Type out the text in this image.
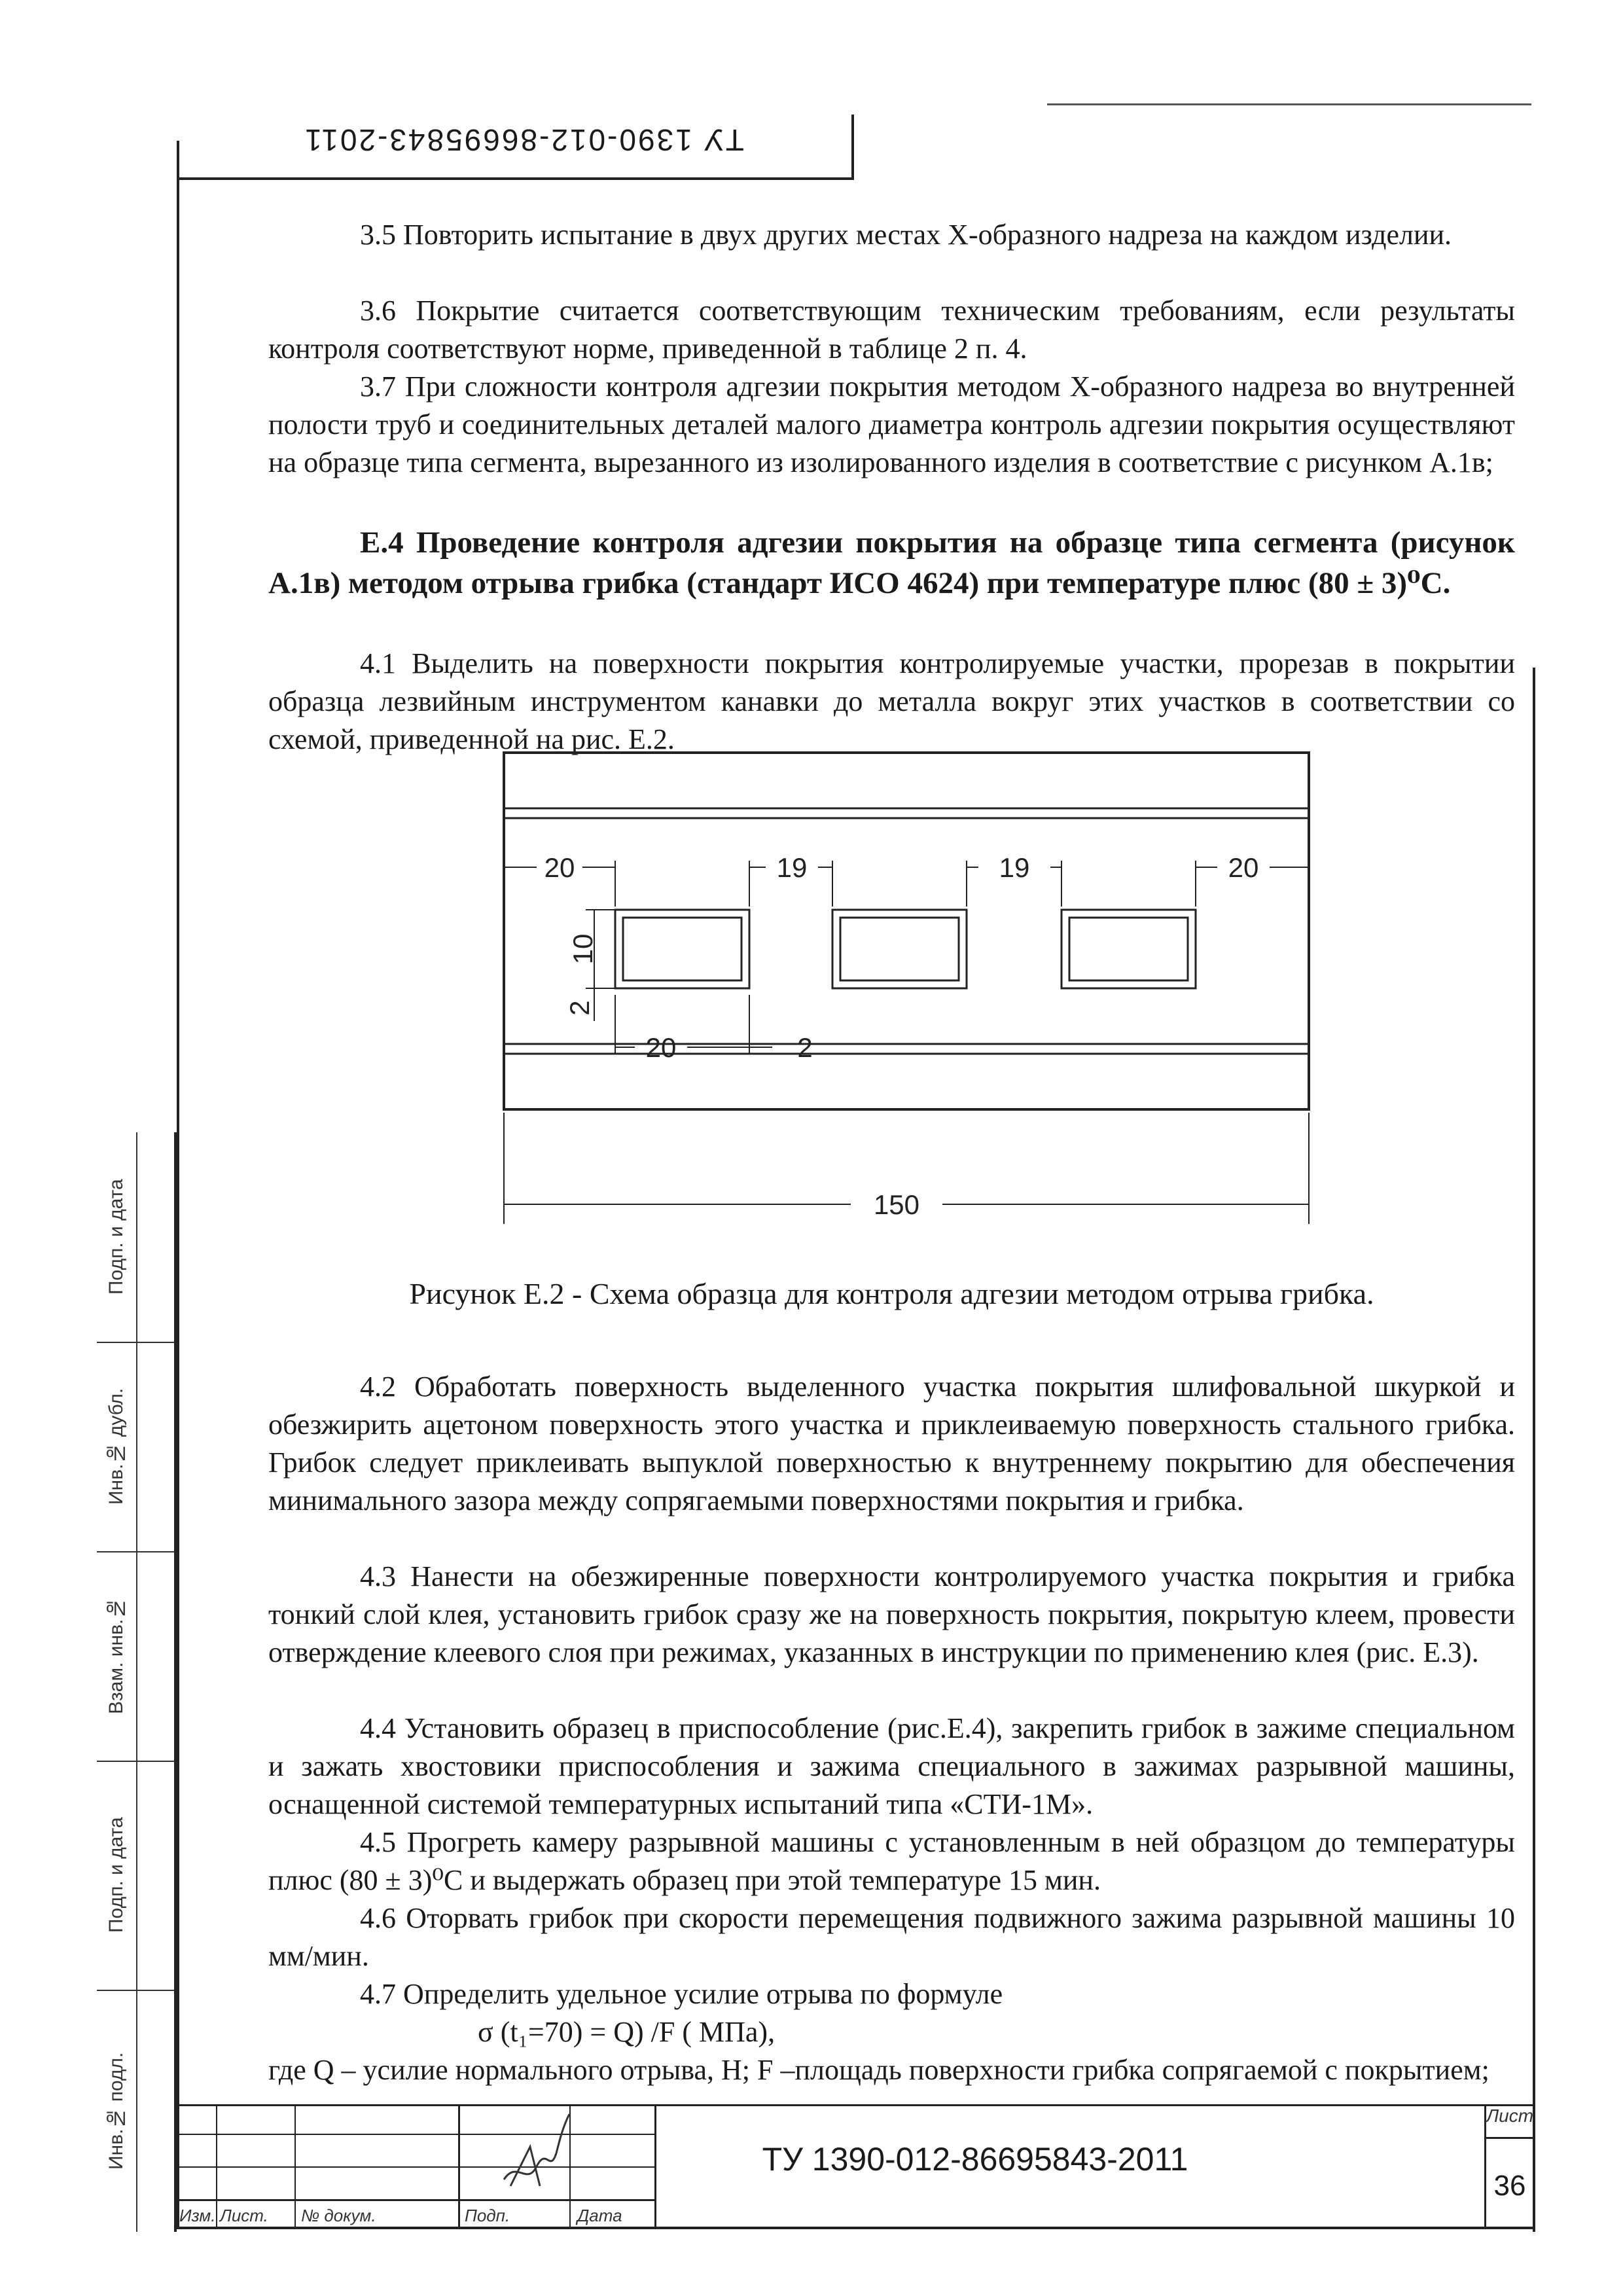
ТУ 1390-012-86695843-2011
3.5 Повторить испытание в двух других местах X-образного надреза на каждом изделии.
3.6 Покрытие считается соответствующим техническим требованиям, если результаты контроля соответствуют норме, приведенной в таблице 2 п. 4.
3.7 При сложности контроля адгезии покрытия методом X-образного надреза во внутренней полости труб и соединительных деталей малого диаметра контроль адгезии покрытия осуществляют на образце типа сегмента, вырезанного из изолированного изделия в соответствие с рисунком А.1в;
Е.4 Проведение контроля адгезии покрытия на образце типа сегмента (рисунок А.1в) методом отрыва грибка (стандарт ИСО 4624) при температуре плюс (80 ± 3)⁰С.
4.1 Выделить на поверхности покрытия контролируемые участки, прорезав в покрытии образца лезвийным инструментом канавки до металла вокруг этих участков в соответствии со схемой, приведенной на рис. Е.2.
20	19	19	20
10
2
20	2
150
Рисунок Е.2 - Схема образца для контроля адгезии методом отрыва грибка.
4.2 Обработать поверхность выделенного участка покрытия шлифовальной шкуркой и обезжирить ацетоном поверхность этого участка и приклеиваемую поверхность стального грибка. Грибок следует приклеивать выпуклой поверхностью к внутреннему покрытию для обеспечения минимального зазора между сопрягаемыми поверхностями покрытия и грибка.
4.3 Нанести на обезжиренные поверхности контролируемого участка покрытия и грибка тонкий слой клея, установить грибок сразу же на поверхность покрытия, покрытую клеем, провести отверждение клеевого слоя при режимах, указанных в инструкции по применению клея (рис. Е.3).
4.4 Установить образец в приспособление (рис.Е.4), закрепить грибок в зажиме специальном и зажать хвостовики приспособления и зажима специального в зажимах разрывной машины, оснащенной системой температурных испытаний типа «СТИ-1М».
4.5 Прогреть камеру разрывной машины с установленным в ней образцом до температуры плюс (80 ± 3)⁰С и выдержать образец при этой температуре 15 мин.
4.6 Оторвать грибок при скорости перемещения подвижного зажима разрывной машины 10 мм/мин.
4.7 Определить удельное усилие отрыва по формуле
σ (t₁=70) = Q) /F ( МПа),
где Q – усилие нормального отрыва, Н; F –площадь поверхности грибка сопрягаемой с покрытием;
Подп. и дата
Инв.№ дубл.
Взам. инв.№
Подп. и дата
Инв.№ подл.
Изм. Лист. № докум.	Подп.	Дата
ТУ 1390-012-86695843-2011
Лист
36
